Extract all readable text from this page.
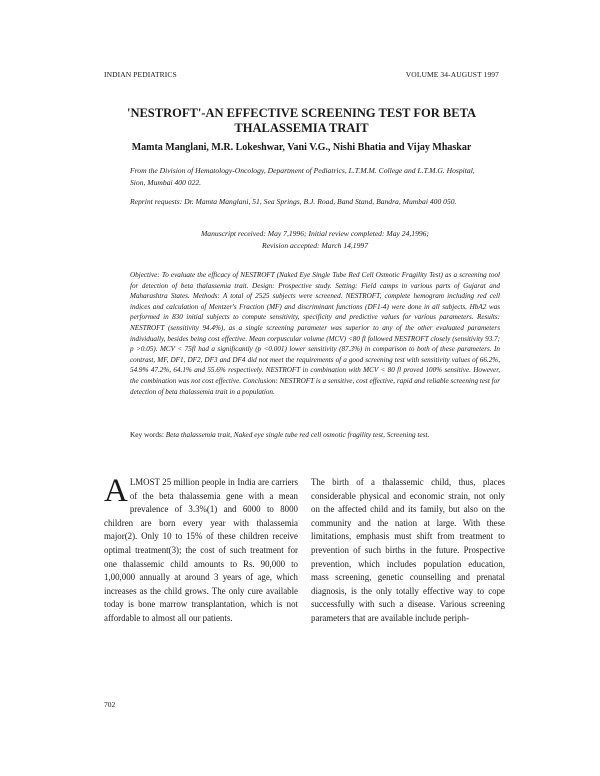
INDIAN PEDIATRICS	VOLUME 34-AUGUST 1997
'NESTROFT'-AN EFFECTIVE SCREENING TEST FOR BETA THALASSEMIA TRAIT
Mamta Manglani, M.R. Lokeshwar, Vani V.G., Nishi Bhatia and Vijay Mhaskar
From the Division of Hematology-Oncology, Department of Pediatrics, L.T.M.M. College and L.T.M.G. Hospital, Sion, Mumbai 400 022.
Reprint requests: Dr. Mamta Manglani, 51, Sea Springs, B.J. Road, Band Stand, Bandra, Mumbai 400 050.
Manuscript received: May 7,1996; Initial review completed: May 24,1996;
Revision accepted: March 14,1997
Objective: To evaluate the efficacy of NESTROFT (Naked Eye Single Tube Red Cell Osmotic Fragility Test) as a screening tool for detection of beta thalassemia trait. Design: Prospective study. Setting: Field camps in various parts of Gujarat and Maharashtra States. Methods: A total of 2525 subjects were screened. NESTROFT, complete hemogram including red cell indices and calculation of Mentzer's Fraction (MF) and discriminant functions (DF1-4) were done in all subjects. HbA2 was performed in 830 initial subjects to compute sensitivity, specificity and predictive values for various parameters. Results: NESTROFT (sensitivity 94.4%), as a single screening parameter was superior to any of the other evaluated parameters individually, besides being cost effective. Mean corpuscular volume (MCV) <80 fl followed NESTROFT closely (sensitivity 93.7; p >0.05). MCV < 75fl had a significantly (p <0.001) lower sensitivity (87.3%) in comparison to both of these parameters. In contrast, MF, DF1, DF2, DF3 and DF4 did not meet the requirements of a good screening test with sensitivity values of 66.2%, 54.9% 47.2%, 64.1% and 55.6% respectively. NESTROFT in combination with MCV < 80 fl proved 100% sensitive. However, the combination was not cost effective. Conclusion: NESTROFT is a sensitive, cost effective, rapid and reliable screening test for detection of beta thalassemia trait in a population.
Key words: Beta thalassemia trait, Naked eye single tube red cell osmotic fragility test, Screening test.
A LMOST 25 million people in India are carriers of the beta thalassemia gene with a mean prevalence of 3.3%(1) and 6000 to 8000 children are born every year with thalassemia major(2). Only 10 to 15% of these children receive optimal treatment(3); the cost of such treatment for one thalassemic child amounts to Rs. 90,000 to 1,00,000 annually at around 3 years of age, which increases as the child grows. The only cure available today is bone marrow transplantation, which is not affordable to almost all our patients.
The birth of a thalassemic child, thus, places considerable physical and economic strain, not only on the affected child and its family, but also on the community and the nation at large. With these limitations, emphasis must shift from treatment to prevention of such births in the future. Prospective prevention, which includes population education, mass screening, genetic counselling and prenatal diagnosis, is the only totally effective way to cope successfully with such a disease. Various screening parameters that are available include periph-
702
